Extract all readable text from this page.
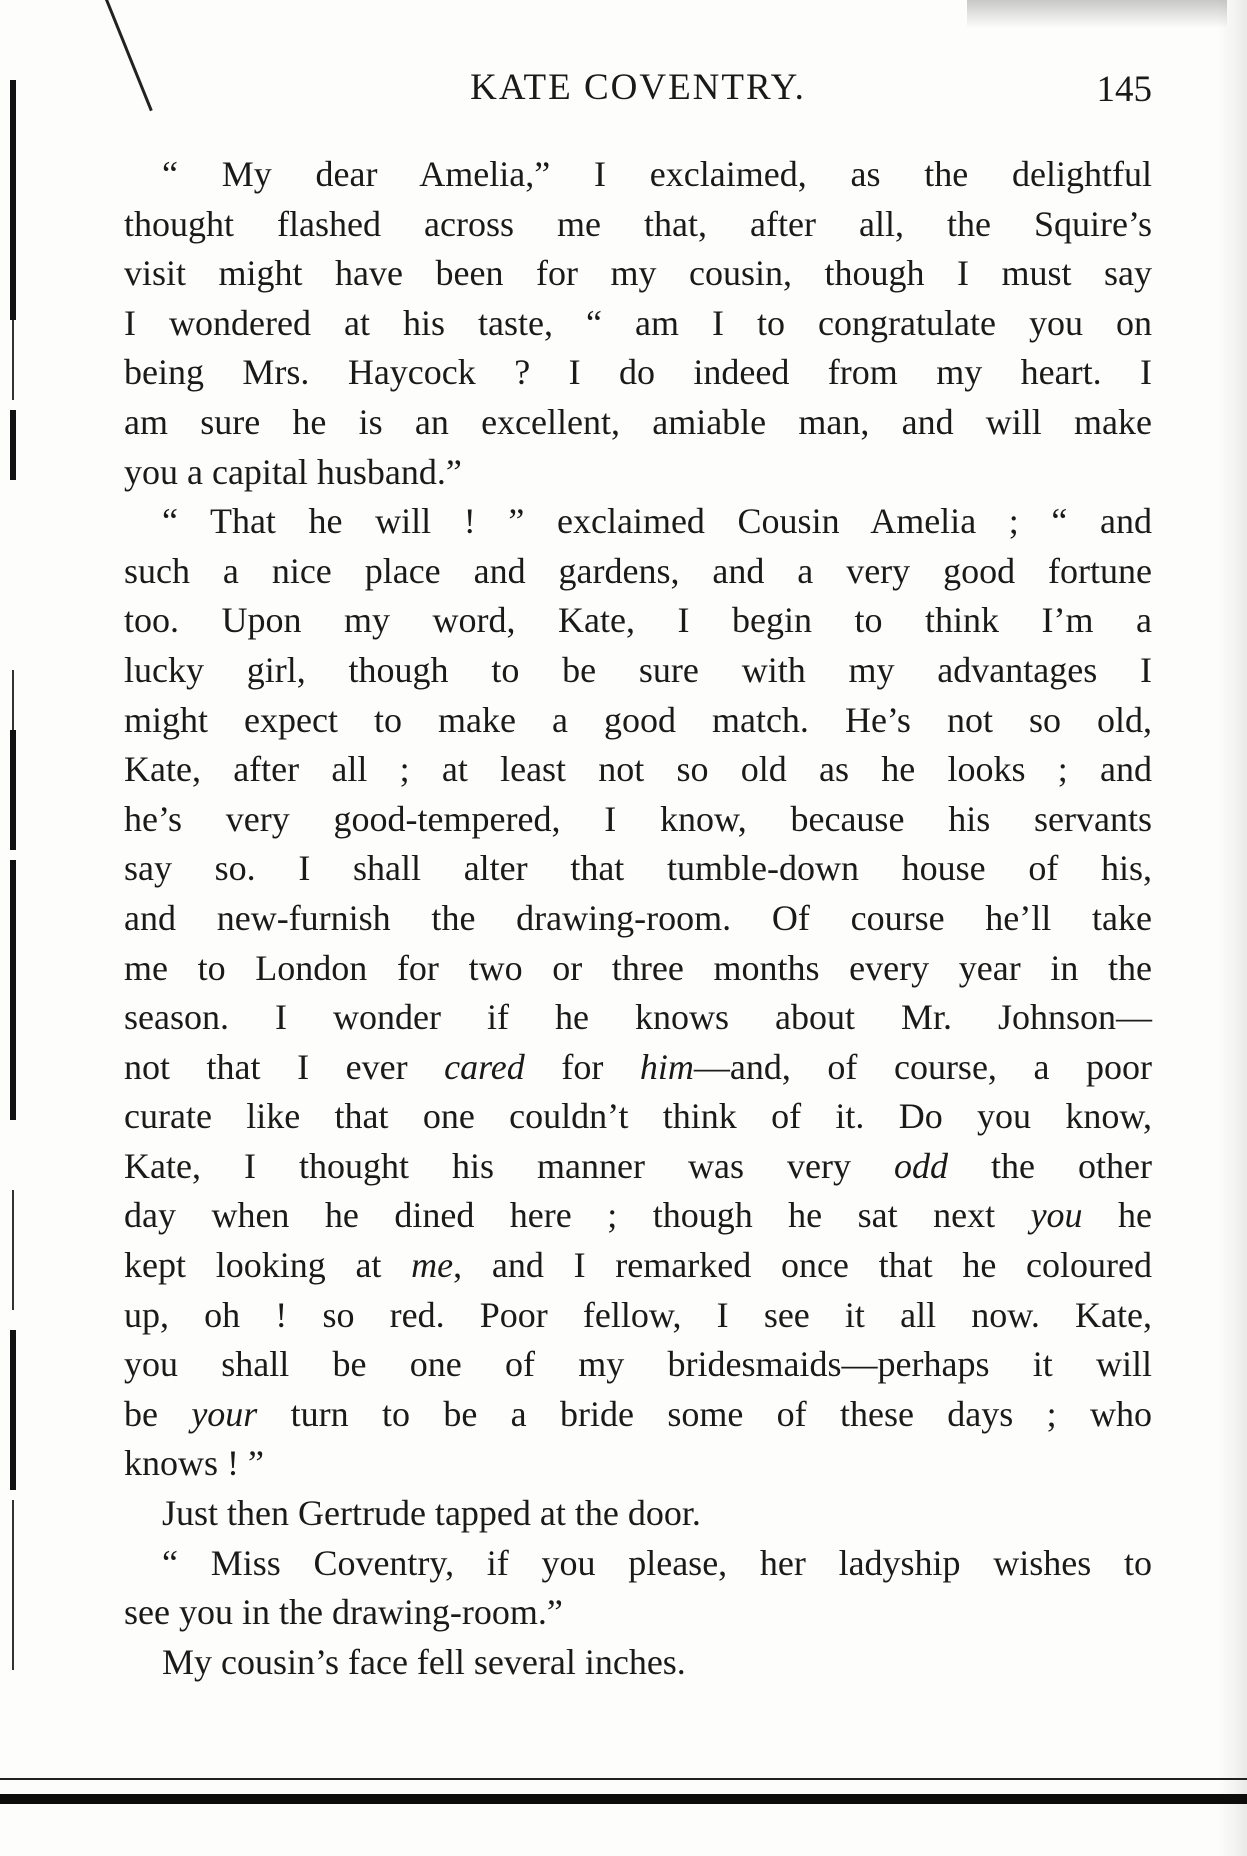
KATE COVENTRY.	145
“ My dear Amelia,” I exclaimed, as the delightful
thought flashed across me that, after all, the Squire’s
visit might have been for my cousin, though I must say
I wondered at his taste, “ am I to congratulate you on
being Mrs. Haycock ? I do indeed from my heart. I
am sure he is an excellent, amiable man, and will make
you a capital husband.”
“ That he will ! ” exclaimed Cousin Amelia ; “ and
such a nice place and gardens, and a very good fortune
too. Upon my word, Kate, I begin to think I’m a
lucky girl, though to be sure with my advantages I
might expect to make a good match. He’s not so old,
Kate, after all ; at least not so old as he looks ; and
he’s very good-tempered, I know, because his servants
say so. I shall alter that tumble-down house of his,
and new-furnish the drawing-room. Of course he’ll take
me to London for two or three months every year in the
season. I wonder if he knows about Mr. Johnson—
not that I ever cared for him—and, of course, a poor
curate like that one couldn’t think of it. Do you know,
Kate, I thought his manner was very odd the other
day when he dined here ; though he sat next you he
kept looking at me, and I remarked once that he coloured
up, oh ! so red. Poor fellow, I see it all now. Kate,
you shall be one of my bridesmaids—perhaps it will
be your turn to be a bride some of these days ; who
knows ! ”
Just then Gertrude tapped at the door.
“ Miss Coventry, if you please, her ladyship wishes to
see you in the drawing-room.”
My cousin’s face fell several inches.
